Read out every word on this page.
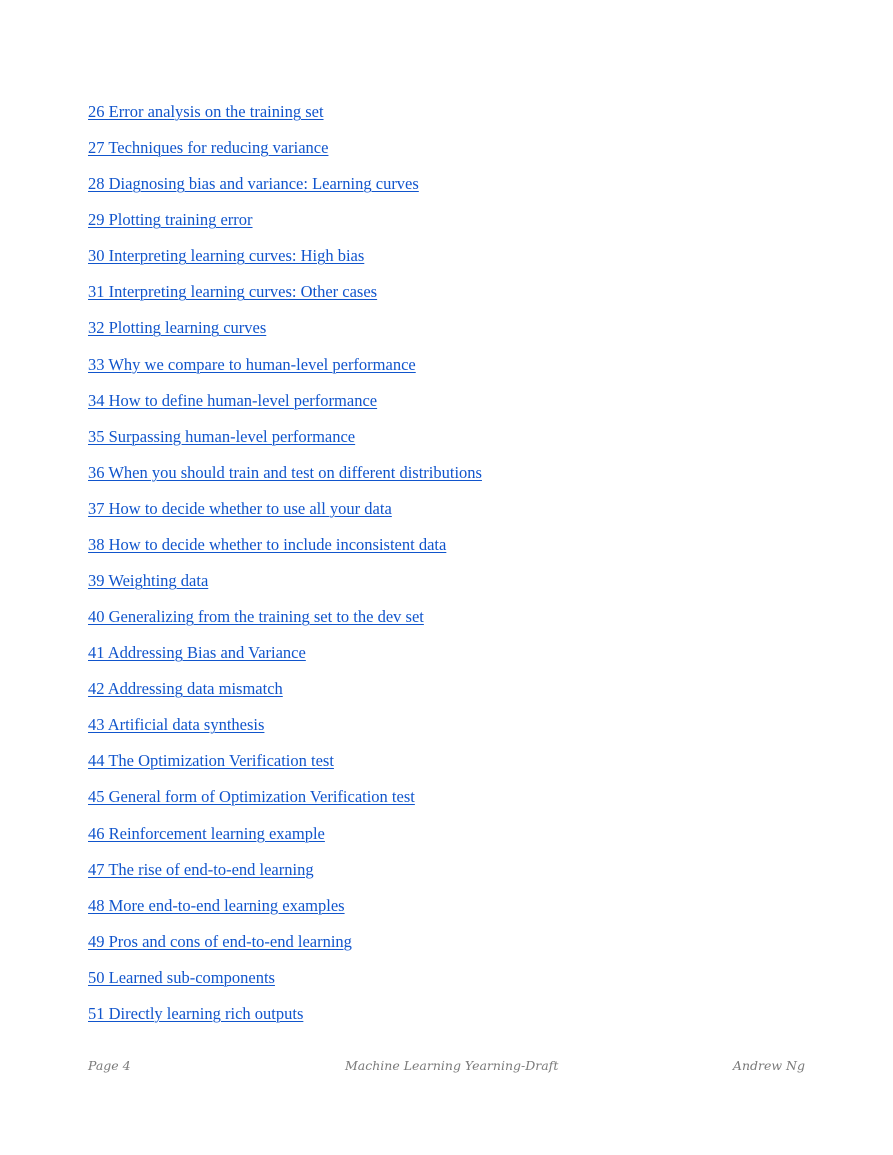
26 Error analysis on the training set
27 Techniques for reducing variance
28 Diagnosing bias and variance: Learning curves
29 Plotting training error
30 Interpreting learning curves: High bias
31 Interpreting learning curves: Other cases
32 Plotting learning curves
33 Why we compare to human-level performance
34 How to define human-level performance
35 Surpassing human-level performance
36 When you should train and test on different distributions
37 How to decide whether to use all your data
38 How to decide whether to include inconsistent data
39 Weighting data
40 Generalizing from the training set to the dev set
41 Addressing Bias and Variance
42 Addressing data mismatch
43 Artificial data synthesis
44 The Optimization Verification test
45 General form of Optimization Verification test
46 Reinforcement learning example
47 The rise of end-to-end learning
48 More end-to-end learning examples
49 Pros and cons of end-to-end learning
50 Learned sub-components
51 Directly learning rich outputs
Page 4	Machine Learning Yearning-Draft	Andrew Ng
